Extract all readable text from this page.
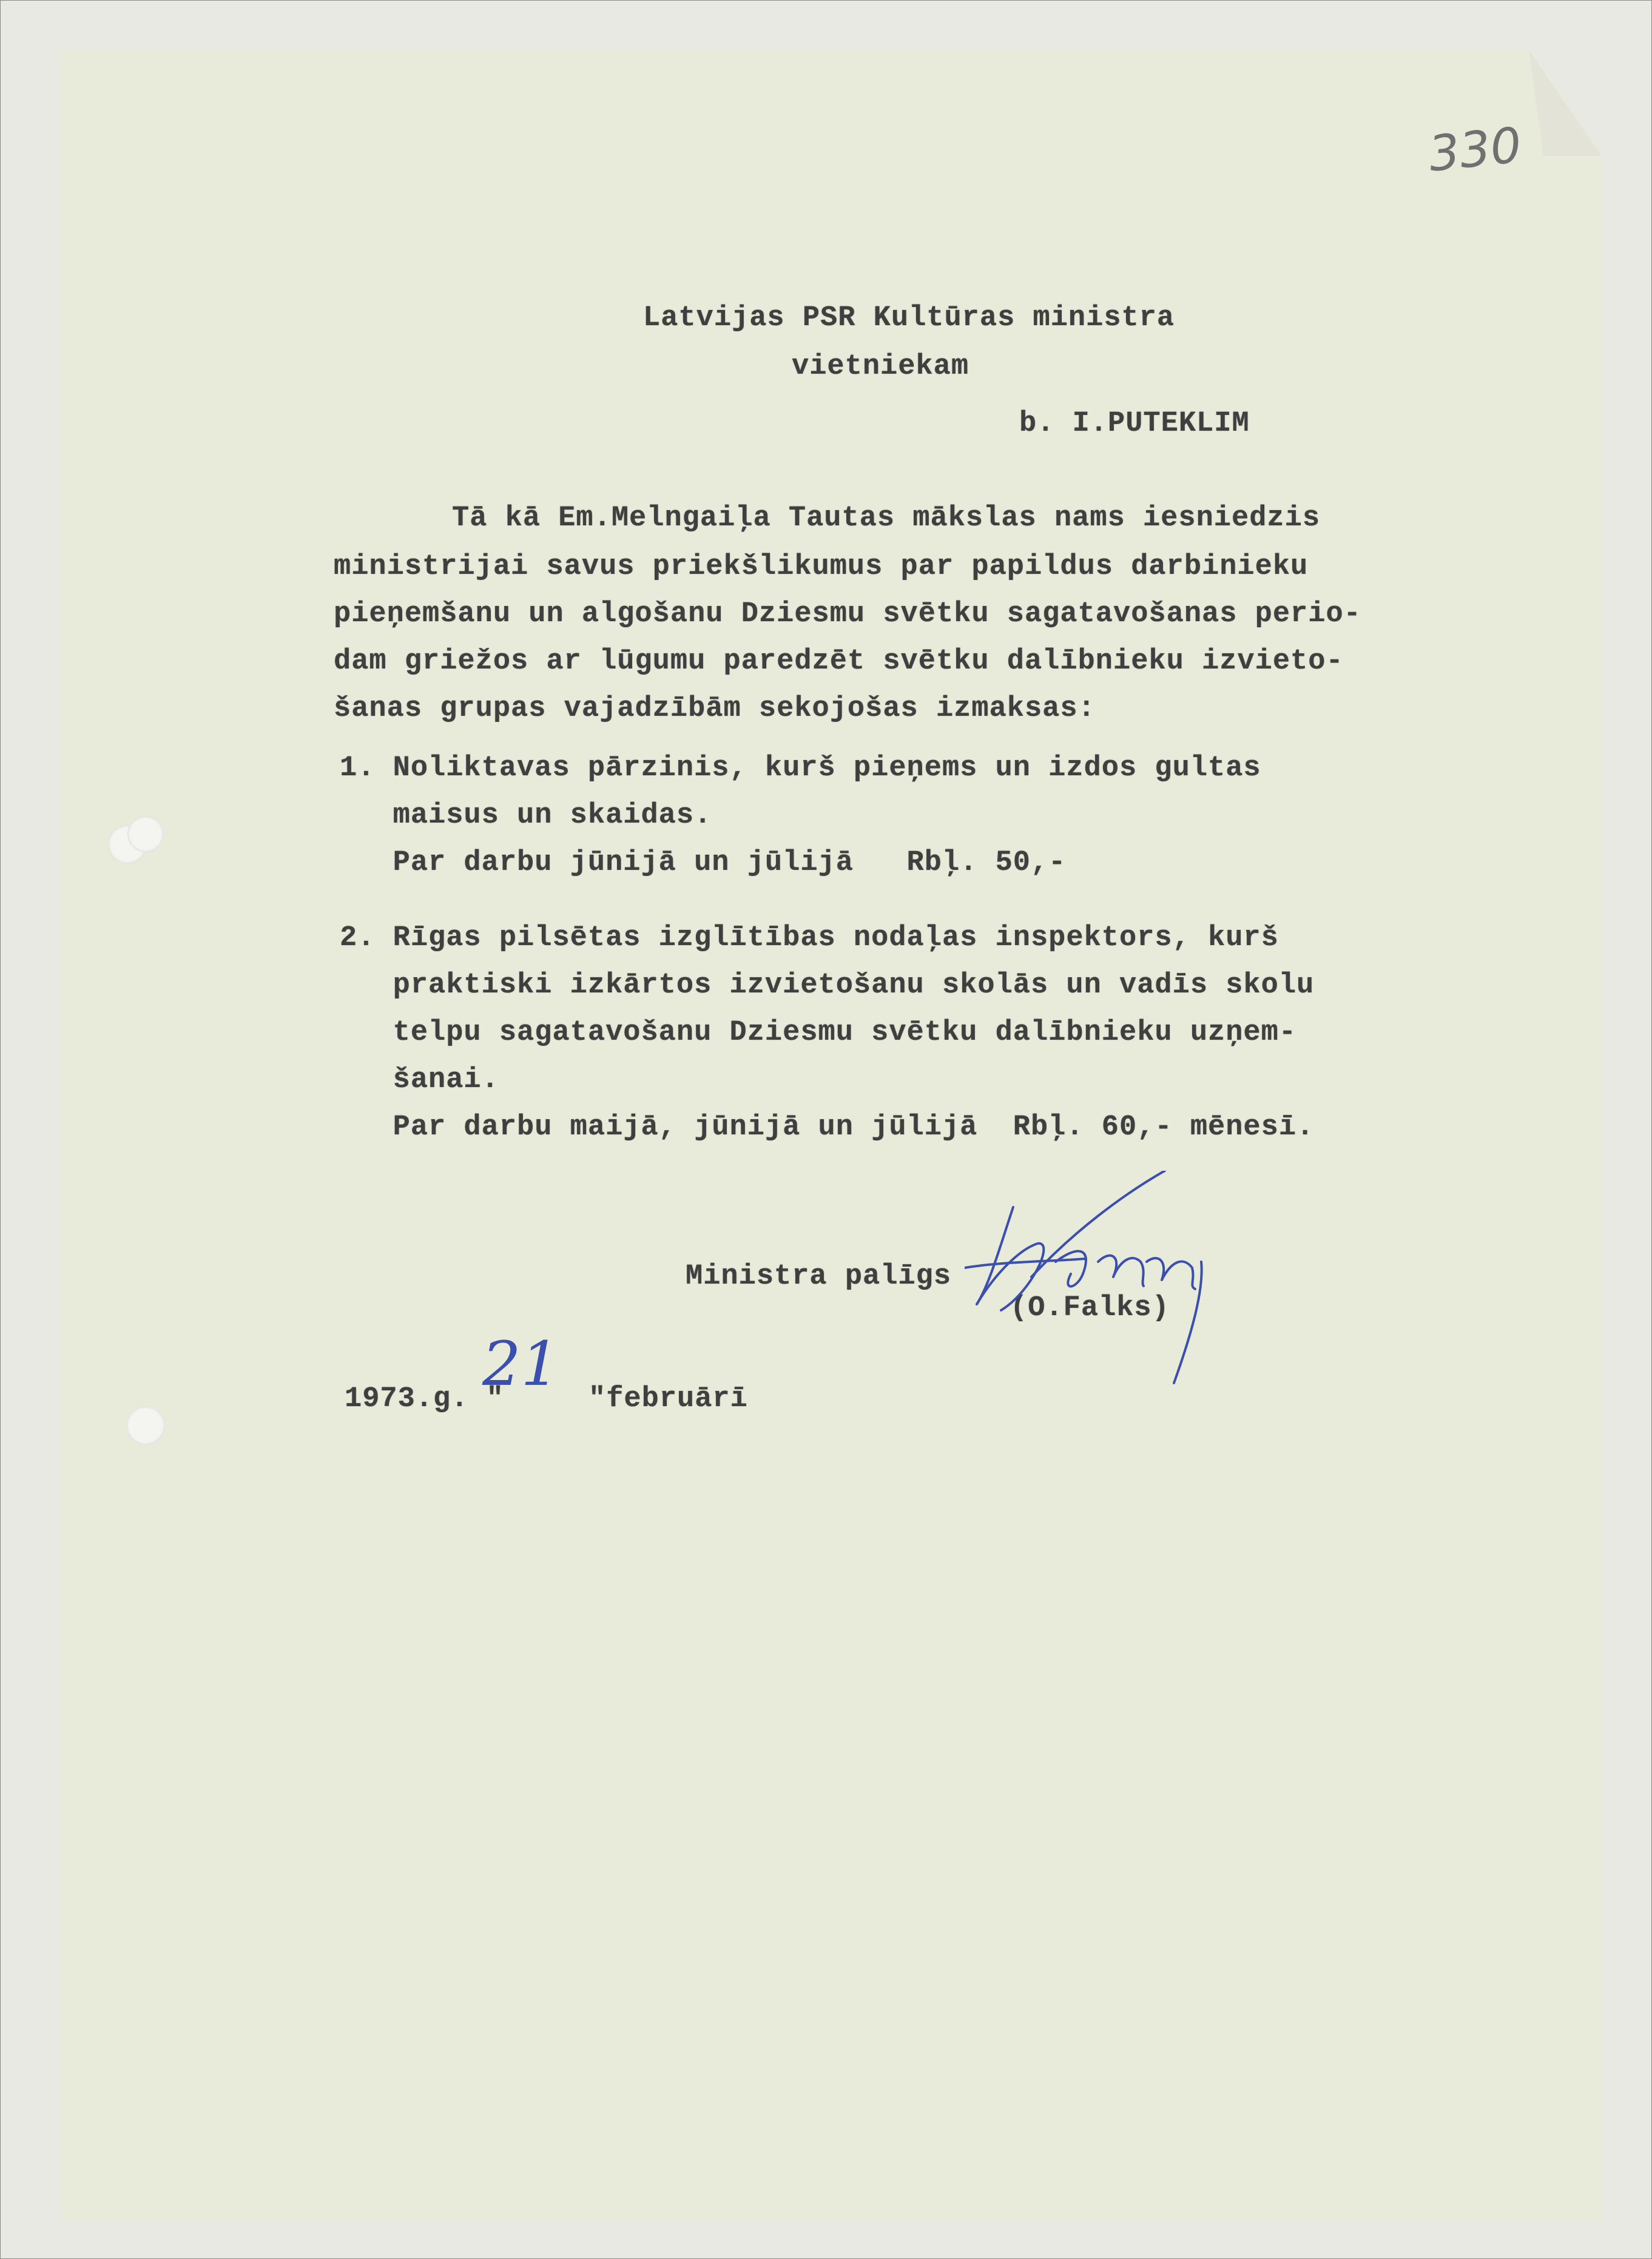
330
Latvijas PSR Kultūras ministra
vietniekam
b. I.PUTEKLIM
Tā kā Em.Melngaiļa Tautas mākslas nams iesniedzis
ministrijai savus priekšlikumus par papildus darbinieku
pieņemšanu un algošanu Dziesmu svētku sagatavošanas perio-
dam griežos ar lūgumu paredzēt svētku dalībnieku izvieto-
šanas grupas vajadzībām sekojošas izmaksas:
1. Noliktavas pārzinis, kurš pieņems un izdos gultas
maisus un skaidas.
Par darbu jūnijā un jūlijā   Rbļ. 50,-
2. Rīgas pilsētas izglītības nodaļas inspektors, kurš
praktiski izkārtos izvietošanu skolās un vadīs skolu
telpu sagatavošanu Dziesmu svētku dalībnieku uzņem-
šanai.
Par darbu maijā, jūnijā un jūlijā  Rbļ. 60,- mēnesī.
Ministra palīgs
(O.Falks)
1973.g. "
21 "februārī
